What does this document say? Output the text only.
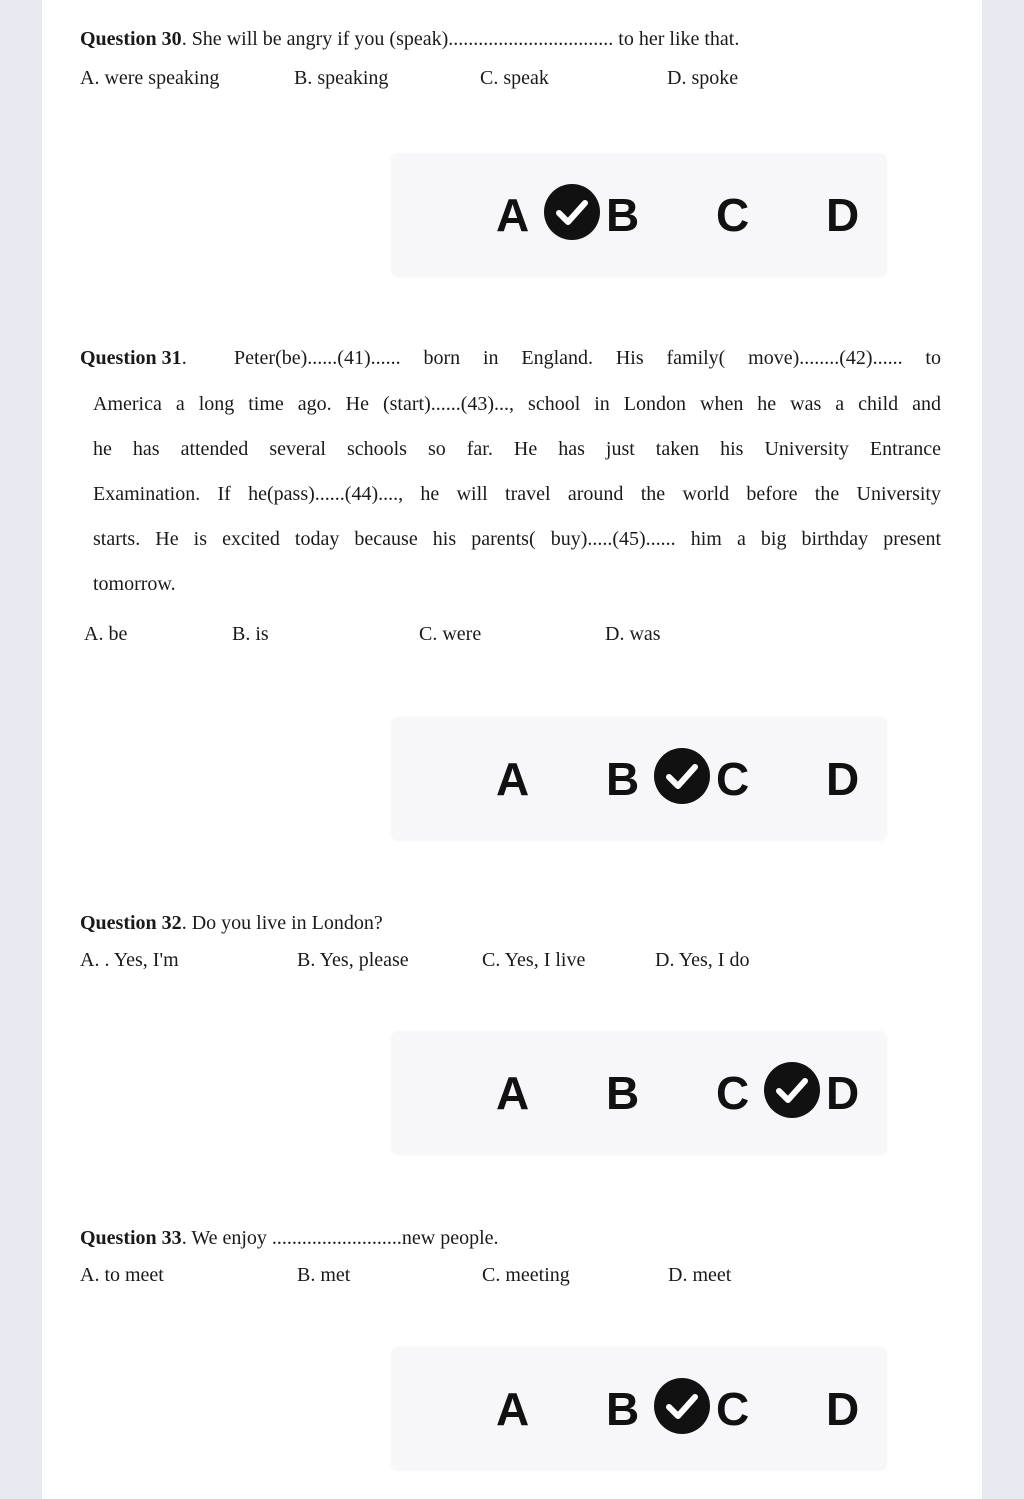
Question 30. She will be angry if you (speak)................................. to her like that.
A. were speaking	B. speaking	C. speak	D. spoke
A B C D
Question 31. Peter(be)......(41)...... born in England. His family( move)........(42)...... to
America a long time ago. He (start)......(43)..., school in London when he was a child and
he has attended several schools so far. He has just taken his University Entrance
Examination. If he(pass)......(44)...., he will travel around the world before the University
starts. He is excited today because his parents( buy).....(45)...... him a big birthday present
tomorrow.
A. be	B. is	C. were	D. was
A B C D
Question 32. Do you live in London?
A. . Yes, I'm	B. Yes, please	C. Yes, I live	D. Yes, I do
A B C D
Question 33. We enjoy ..........................new people.
A. to meet	B. met	C. meeting	D. meet
A B C D
